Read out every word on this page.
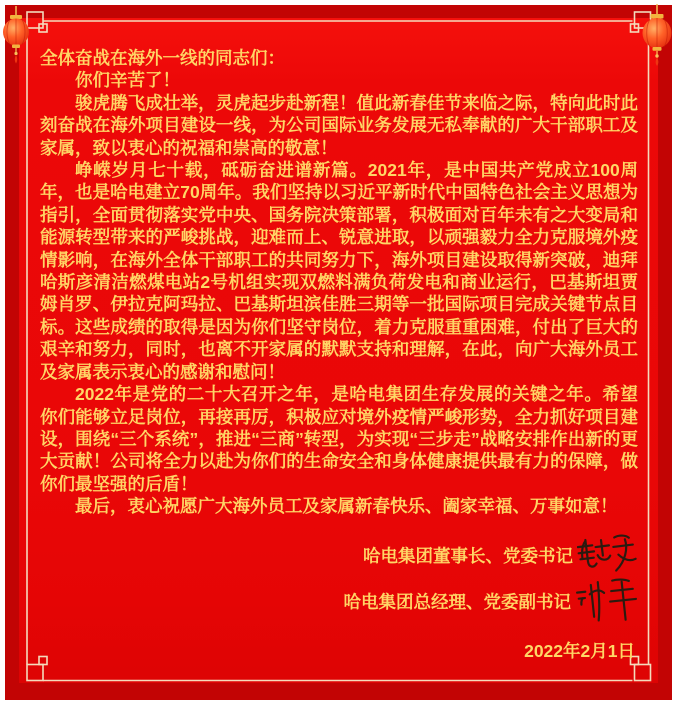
全体奋战在海外一线的同志们：

你们辛苦了！

骏虎腾飞成壮举，灵虎起步赴新程！值此新春佳节来临之际，特向此时此刻奋战在海外项目建设一线，为公司国际业务发展无私奉献的广大干部职工及家属，致以衷心的祝福和崇高的敬意！

峥嵘岁月七十载，砥砺奋进谱新篇。2021年，是中国共产党成立100周年，也是哈电建立70周年。我们坚持以习近平新时代中国特色社会主义思想为指引，全面贯彻落实党中央、国务院决策部署，积极面对百年未有之大变局和能源转型带来的严峻挑战，迎难而上、锐意进取，以顽强毅力全力克服境外疫情影响，在海外全体干部职工的共同努力下，海外项目建设取得新突破，迪拜哈斯彦清洁燃煤电站2号机组实现双燃料满负荷发电和商业运行，巴基斯坦贾姆肖罗、伊拉克阿玛拉、巴基斯坦滨佳胜三期等一批国际项目完成关键节点目标。这些成绩的取得是因为你们坚守岗位，着力克服重重困难，付出了巨大的艰辛和努力，同时，也离不开家属的默默支持和理解，在此，向广大海外员工及家属表示衷心的感谢和慰问！

2022年是党的二十大召开之年，是哈电集团生存发展的关键之年。希望你们能够立足岗位，再接再厉，积极应对境外疫情严峻形势，全力抓好项目建设，围绕“三个系统”，推进“三商”转型，为实现“三步走”战略安排作出新的更大贡献！公司将全力以赴为你们的生命安全和身体健康提供最有力的保障，做你们最坚强的后盾！

最后，衷心祝愿广大海外员工及家属新春快乐、阖家幸福、万事如意！

哈电集团董事长、党委书记
哈电集团总经理、党委副书记
2022年2月1日
